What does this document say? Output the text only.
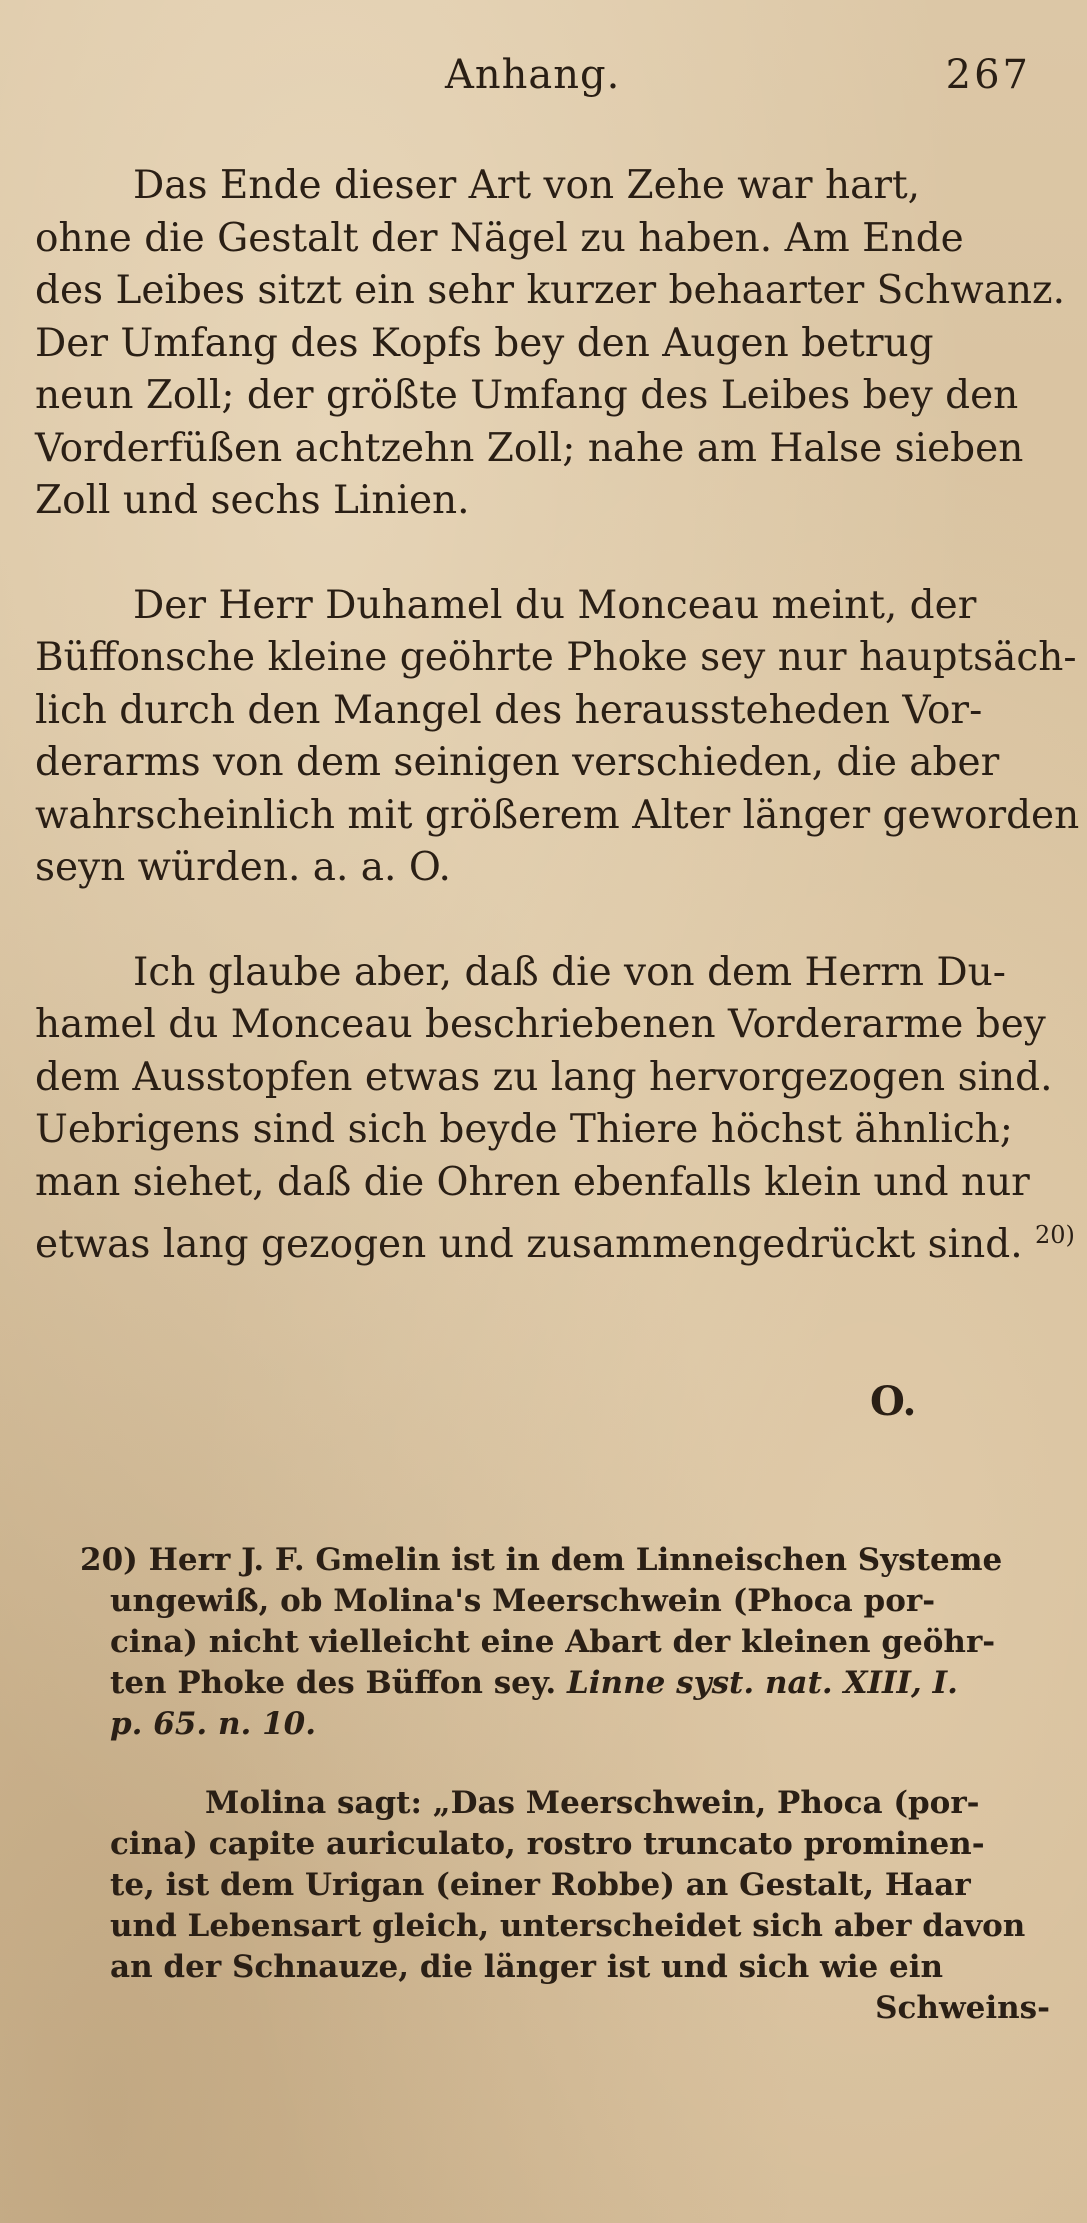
Anhang.	267
Das Ende dieser Art von Zehe war hart,
ohne die Gestalt der Nägel zu haben. Am Ende
des Leibes sitzt ein sehr kurzer behaarter Schwanz.
Der Umfang des Kopfs bey den Augen betrug
neun Zoll; der größte Umfang des Leibes bey den
Vorderfüßen achtzehn Zoll; nahe am Halse sieben
Zoll und sechs Linien.
Der Herr Duhamel du Monceau meint, der
Büffonsche kleine geöhrte Phoke sey nur hauptsäch-
lich durch den Mangel des heraussteheden Vor-
derarms von dem seinigen verschieden, die aber
wahrscheinlich mit größerem Alter länger geworden
seyn würden. a. a. O.
Ich glaube aber, daß die von dem Herrn Du-
hamel du Monceau beschriebenen Vorderarme bey
dem Ausstopfen etwas zu lang hervorgezogen sind.
Uebrigens sind sich beyde Thiere höchst ähnlich;
man siehet, daß die Ohren ebenfalls klein und nur
etwas lang gezogen und zusammengedrückt sind. $^{20)}$
O.
20) Herr J. F. Gmelin ist in dem Linneischen Systeme
ungewiß, ob Molina's Meerschwein (Phoca por-
cina) nicht vielleicht eine Abart der kleinen geöhr-
ten Phoke des Büffon sey. Linne syst. nat. XIII, I.
p. 65. n. 10.
Molina sagt: „Das Meerschwein, Phoca (por-
cina) capite auriculato, rostro truncato prominen-
te, ist dem Urigan (einer Robbe) an Gestalt, Haar
und Lebensart gleich, unterscheidet sich aber davon
an der Schnauze, die länger ist und sich wie ein
Schweins-
